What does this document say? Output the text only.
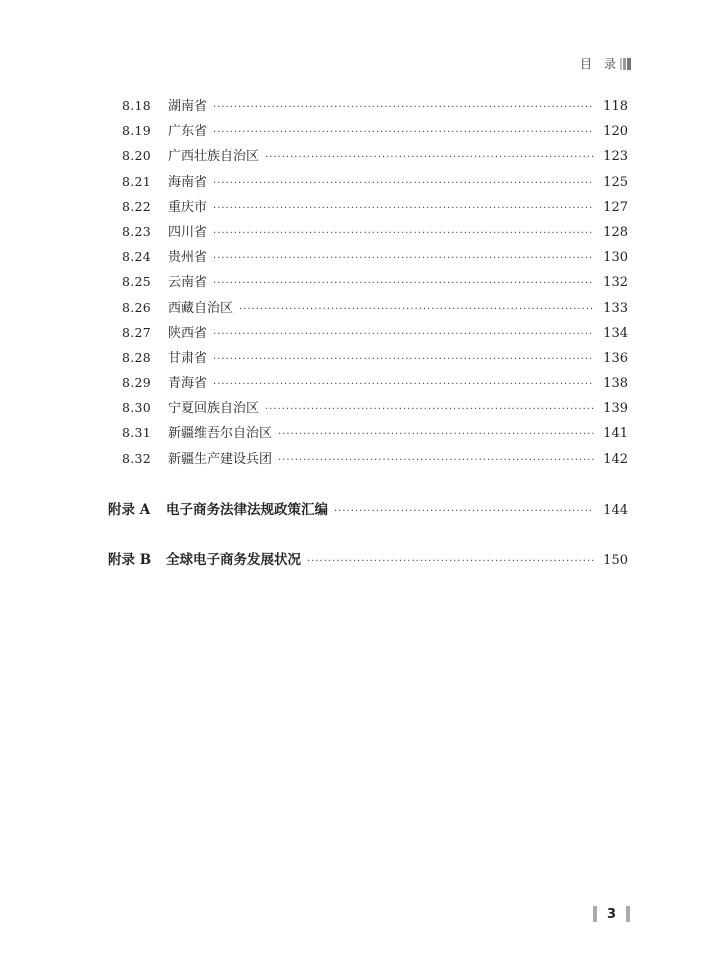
目 录
8.18	湖南省 ·····	118
8.19	广东省 ·····	120
8.20	广西壮族自治区 ·····	123
8.21	海南省 ·····	125
8.22	重庆市 ·····	127
8.23	四川省 ·····	128
8.24	贵州省 ·····	130
8.25	云南省 ·····	132
8.26	西藏自治区 ·····	133
8.27	陕西省 ·····	134
8.28	甘肃省 ·····	136
8.29	青海省 ·····	138
8.30	宁夏回族自治区 ·····	139
8.31	新疆维吾尔自治区 ·····	141
8.32	新疆生产建设兵团 ·····	142
附录 A	电子商务法律法规政策汇编 ·····	144
附录 B	全球电子商务发展状况 ·····	150
3
